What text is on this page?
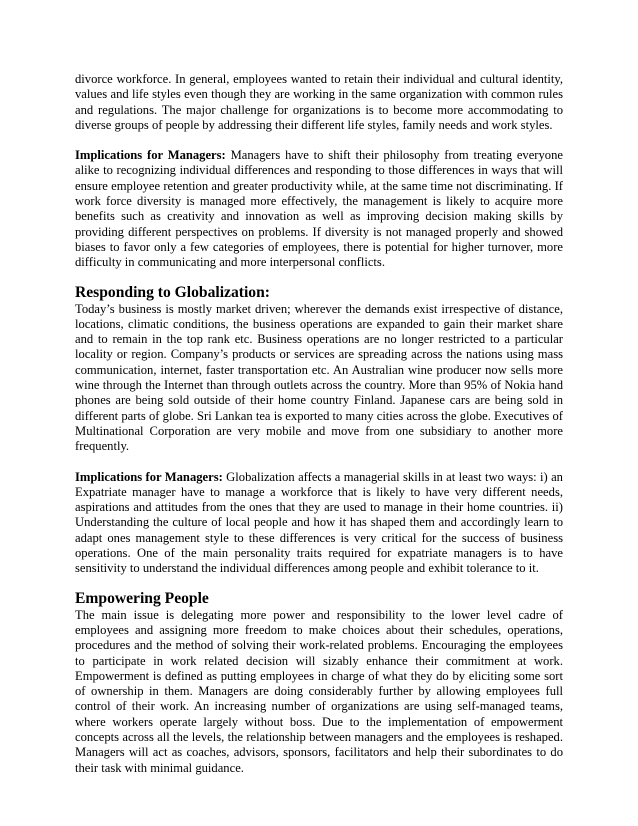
divorce workforce. In general, employees wanted to retain their individual and cultural identity, values and life styles even though they are working in the same organization with common rules and regulations. The major challenge for organizations is to become more accommodating to diverse groups of people by addressing their different life styles, family needs and work styles.

Implications for Managers: Managers have to shift their philosophy from treating everyone alike to recognizing individual differences and responding to those differences in ways that will ensure employee retention and greater productivity while, at the same time not discriminating. If work force diversity is managed more effectively, the management is likely to acquire more benefits such as creativity and innovation as well as improving decision making skills by providing different perspectives on problems. If diversity is not managed properly and showed biases to favor only a few categories of employees, there is potential for higher turnover, more difficulty in communicating and more interpersonal conflicts.

Responding to Globalization:

Today’s business is mostly market driven; wherever the demands exist irrespective of distance, locations, climatic conditions, the business operations are expanded to gain their market share and to remain in the top rank etc. Business operations are no longer restricted to a particular locality or region. Company’s products or services are spreading across the nations using mass communication, internet, faster transportation etc. An Australian wine producer now sells more wine through the Internet than through outlets across the country. More than 95% of Nokia hand phones are being sold outside of their home country Finland. Japanese cars are being sold in different parts of globe. Sri Lankan tea is exported to many cities across the globe. Executives of Multinational Corporation are very mobile and move from one subsidiary to another more frequently.

Implications for Managers: Globalization affects a managerial skills in at least two ways: i) an Expatriate manager have to manage a workforce that is likely to have very different needs, aspirations and attitudes from the ones that they are used to manage in their home countries. ii) Understanding the culture of local people and how it has shaped them and accordingly learn to adapt ones management style to these differences is very critical for the success of business operations. One of the main personality traits required for expatriate managers is to have sensitivity to understand the individual differences among people and exhibit tolerance to it.

Empowering People

The main issue is delegating more power and responsibility to the lower level cadre of employees and assigning more freedom to make choices about their schedules, operations, procedures and the method of solving their work-related problems. Encouraging the employees to participate in work related decision will sizably enhance their commitment at work. Empowerment is defined as putting employees in charge of what they do by eliciting some sort of ownership in them. Managers are doing considerably further by allowing employees full control of their work. An increasing number of organizations are using self-managed teams, where workers operate largely without boss. Due to the implementation of empowerment concepts across all the levels, the relationship between managers and the employees is reshaped. Managers will act as coaches, advisors, sponsors, facilitators and help their subordinates to do their task with minimal guidance.
